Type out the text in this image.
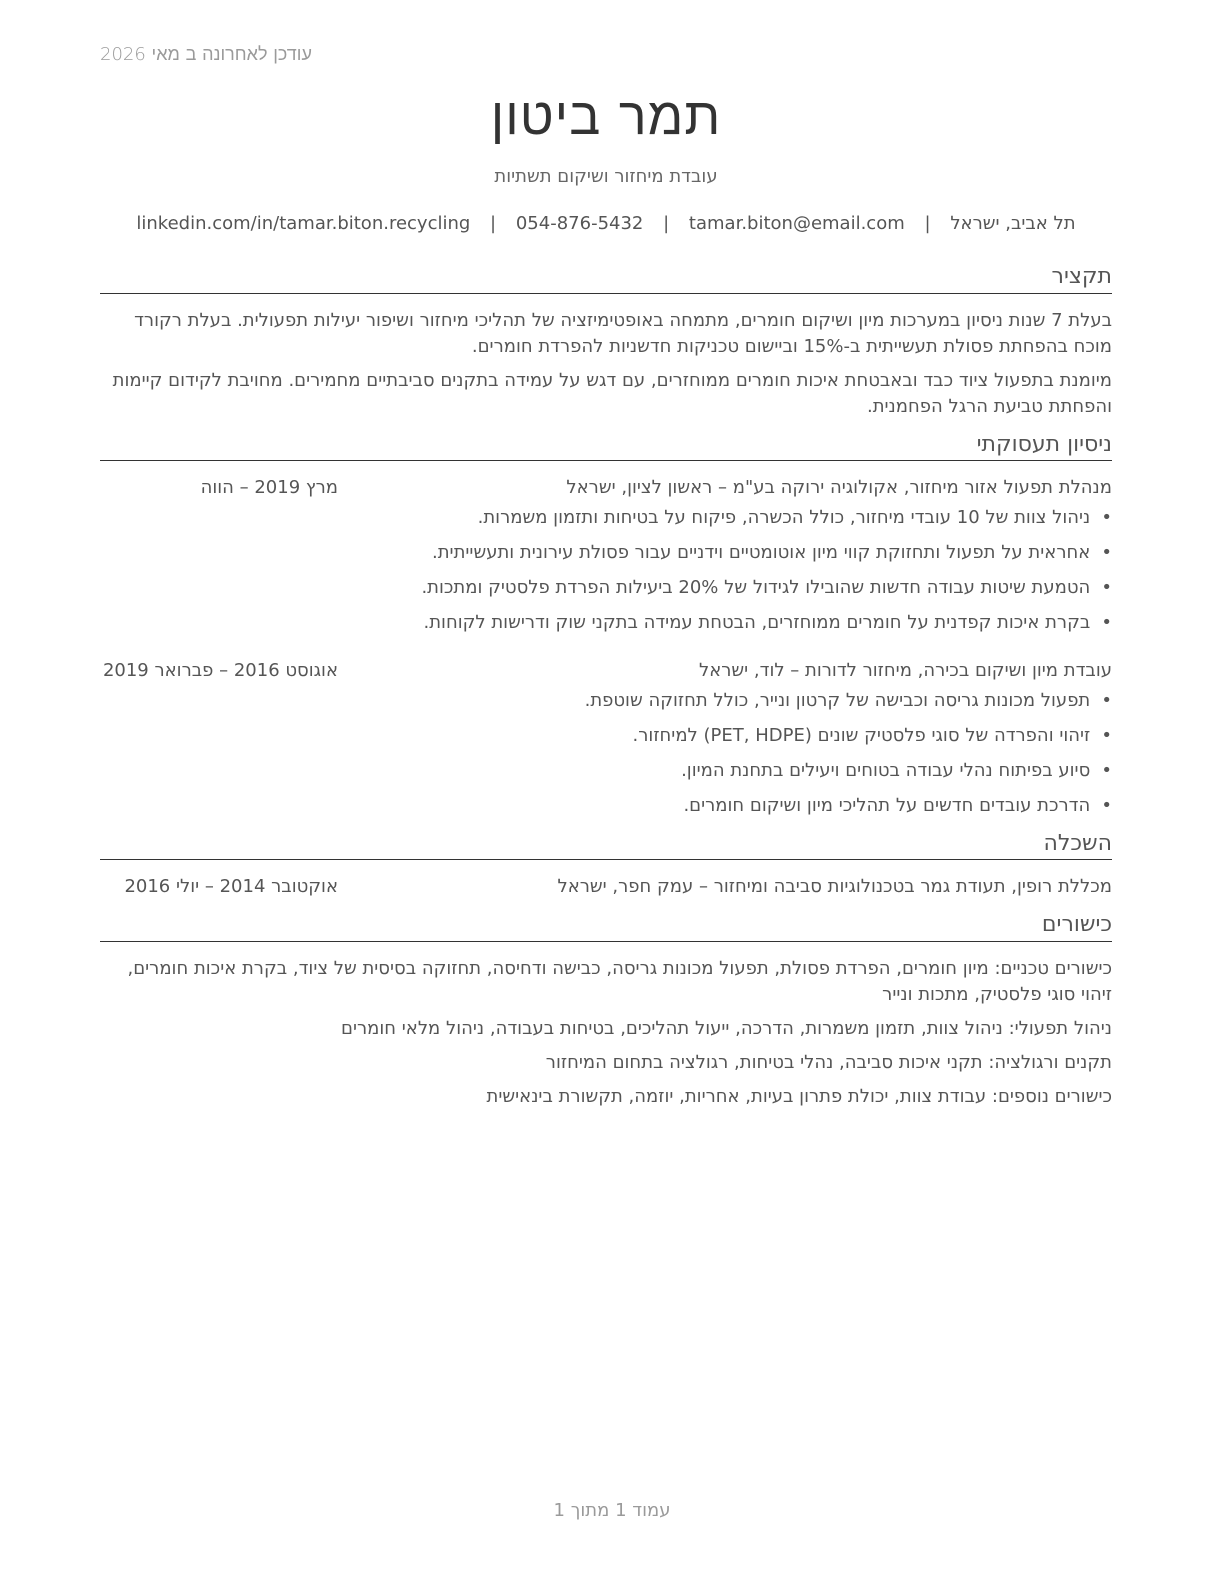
עודכן לאחרונה ב מאי 2026
תמר ביטון
עובדת מיחזור ושיקום תשתיות
תל אביב, ישראל | tamar.biton@email.com | 054-876-5432 | linkedin.com/in/tamar.biton.recycling
תקציר
בעלת 7 שנות ניסיון במערכות מיון ושיקום חומרים, מתמחה באופטימיזציה של תהליכי מיחזור ושיפור יעילות תפעולית. בעלת רקורד מוכח בהפחתת פסולת תעשייתית ב-15% וביישום טכניקות חדשניות להפרדת חומרים.
מיומנת בתפעול ציוד כבד ובאבטחת איכות חומרים ממוחזרים, עם דגש על עמידה בתקנים סביבתיים מחמירים. מחויבת לקידום קיימות והפחתת טביעת הרגל הפחמנית.
ניסיון תעסוקתי
מנהלת תפעול אזור מיחזור, אקולוגיה ירוקה בע"מ – ראשון לציון, ישראל
מרץ 2019 – הווה
• ניהול צוות של 10 עובדי מיחזור, כולל הכשרה, פיקוח על בטיחות ותזמון משמרות.
• אחראית על תפעול ותחזוקת קווי מיון אוטומטיים וידניים עבור פסולת עירונית ותעשייתית.
• הטמעת שיטות עבודה חדשות שהובילו לגידול של 20% ביעילות הפרדת פלסטיק ומתכות.
• בקרת איכות קפדנית על חומרים ממוחזרים, הבטחת עמידה בתקני שוק ודרישות לקוחות.
עובדת מיון ושיקום בכירה, מיחזור לדורות – לוד, ישראל
אוגוסט 2016 – פברואר 2019
• תפעול מכונות גריסה וכבישה של קרטון ונייר, כולל תחזוקה שוטפת.
• זיהוי והפרדה של סוגי פלסטיק שונים (PET, HDPE) למיחזור.
• סיוע בפיתוח נהלי עבודה בטוחים ויעילים בתחנת המיון.
• הדרכת עובדים חדשים על תהליכי מיון ושיקום חומרים.
השכלה
מכללת רופין, תעודת גמר בטכנולוגיות סביבה ומיחזור – עמק חפר, ישראל
אוקטובר 2014 – יולי 2016
כישורים
כישורים טכניים: מיון חומרים, הפרדת פסולת, תפעול מכונות גריסה, כבישה ודחיסה, תחזוקה בסיסית של ציוד, בקרת איכות חומרים, זיהוי סוגי פלסטיק, מתכות ונייר
ניהול תפעולי: ניהול צוות, תזמון משמרות, הדרכה, ייעול תהליכים, בטיחות בעבודה, ניהול מלאי חומרים
תקנים ורגולציה: תקני איכות סביבה, נהלי בטיחות, רגולציה בתחום המיחזור
כישורים נוספים: עבודת צוות, יכולת פתרון בעיות, אחריות, יוזמה, תקשורת בינאישית
עמוד 1 מתוך 1
